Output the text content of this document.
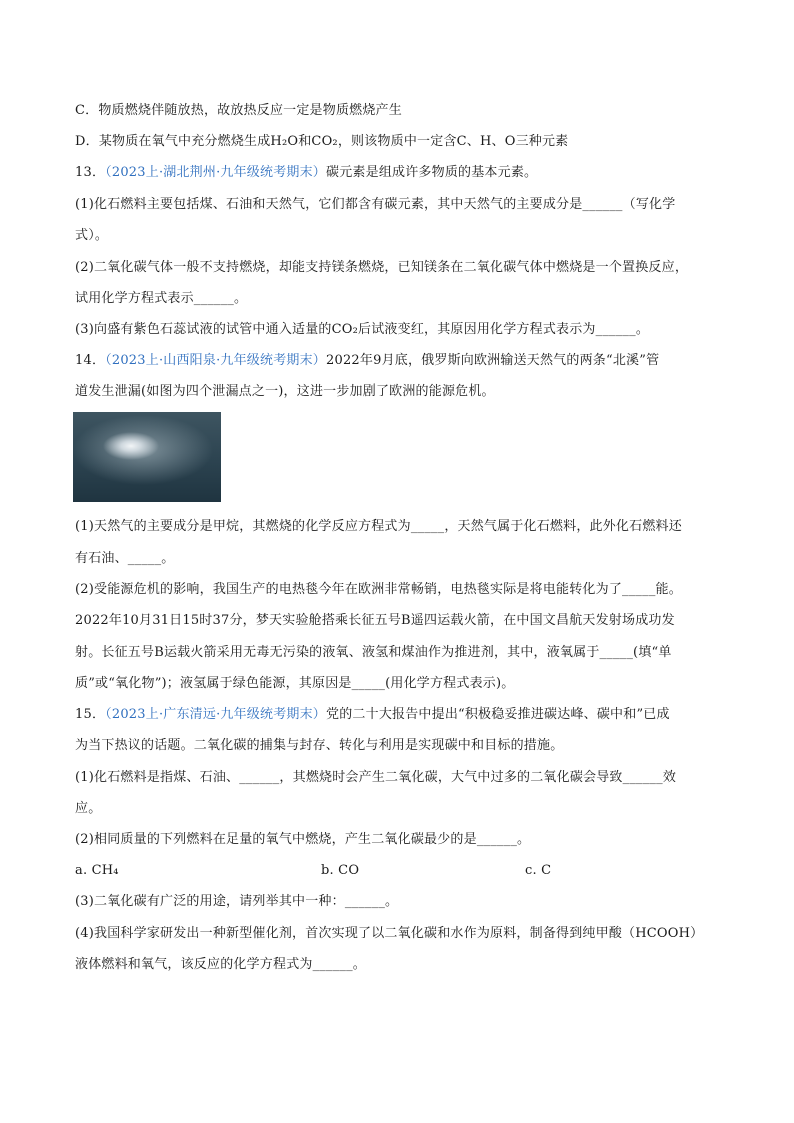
C．物质燃烧伴随放热，故放热反应一定是物质燃烧产生
D．某物质在氧气中充分燃烧生成H₂O和CO₂，则该物质中一定含C、H、O三种元素
13．（2023上·湖北荆州·九年级统考期末）碳元素是组成许多物质的基本元素。
(1)化石燃料主要包括煤、石油和天然气，它们都含有碳元素，其中天然气的主要成分是______（写化学
式）。
(2)二氧化碳气体一般不支持燃烧，却能支持镁条燃烧，已知镁条在二氧化碳气体中燃烧是一个置换反应，
试用化学方程式表示______。
(3)向盛有紫色石蕊试液的试管中通入适量的CO₂后试液变红，其原因用化学方程式表示为______。
14．（2023上·山西阳泉·九年级统考期末）2022年9月底，俄罗斯向欧洲输送天然气的两条“北溪”管
道发生泄漏(如图为四个泄漏点之一)，这进一步加剧了欧洲的能源危机。
(1)天然气的主要成分是甲烷，其燃烧的化学反应方程式为_____，天然气属于化石燃料，此外化石燃料还
有石油、_____。
(2)受能源危机的影响，我国生产的电热毯今年在欧洲非常畅销，电热毯实际是将电能转化为了_____能。
2022年10月31日15时37分，梦天实验舱搭乘长征五号B遥四运载火箭，在中国文昌航天发射场成功发
射。长征五号B运载火箭采用无毒无污染的液氧、液氢和煤油作为推进剂，其中，液氧属于_____(填“单
质”或“氧化物”)；液氢属于绿色能源，其原因是_____(用化学方程式表示)。
15．（2023上·广东清远·九年级统考期末）党的二十大报告中提出“积极稳妥推进碳达峰、碳中和”已成
为当下热议的话题。二氧化碳的捕集与封存、转化与利用是实现碳中和目标的措施。
(1)化石燃料是指煤、石油、______，其燃烧时会产生二氧化碳，大气中过多的二氧化碳会导致______效
应。
(2)相同质量的下列燃料在足量的氧气中燃烧，产生二氧化碳最少的是______。
a. CH₄	b. CO	c. C
(3)二氧化碳有广泛的用途，请列举其中一种：______。
(4)我国科学家研发出一种新型催化剂，首次实现了以二氧化碳和水作为原料，制备得到纯甲酸（HCOOH）
液体燃料和氧气，该反应的化学方程式为______。
